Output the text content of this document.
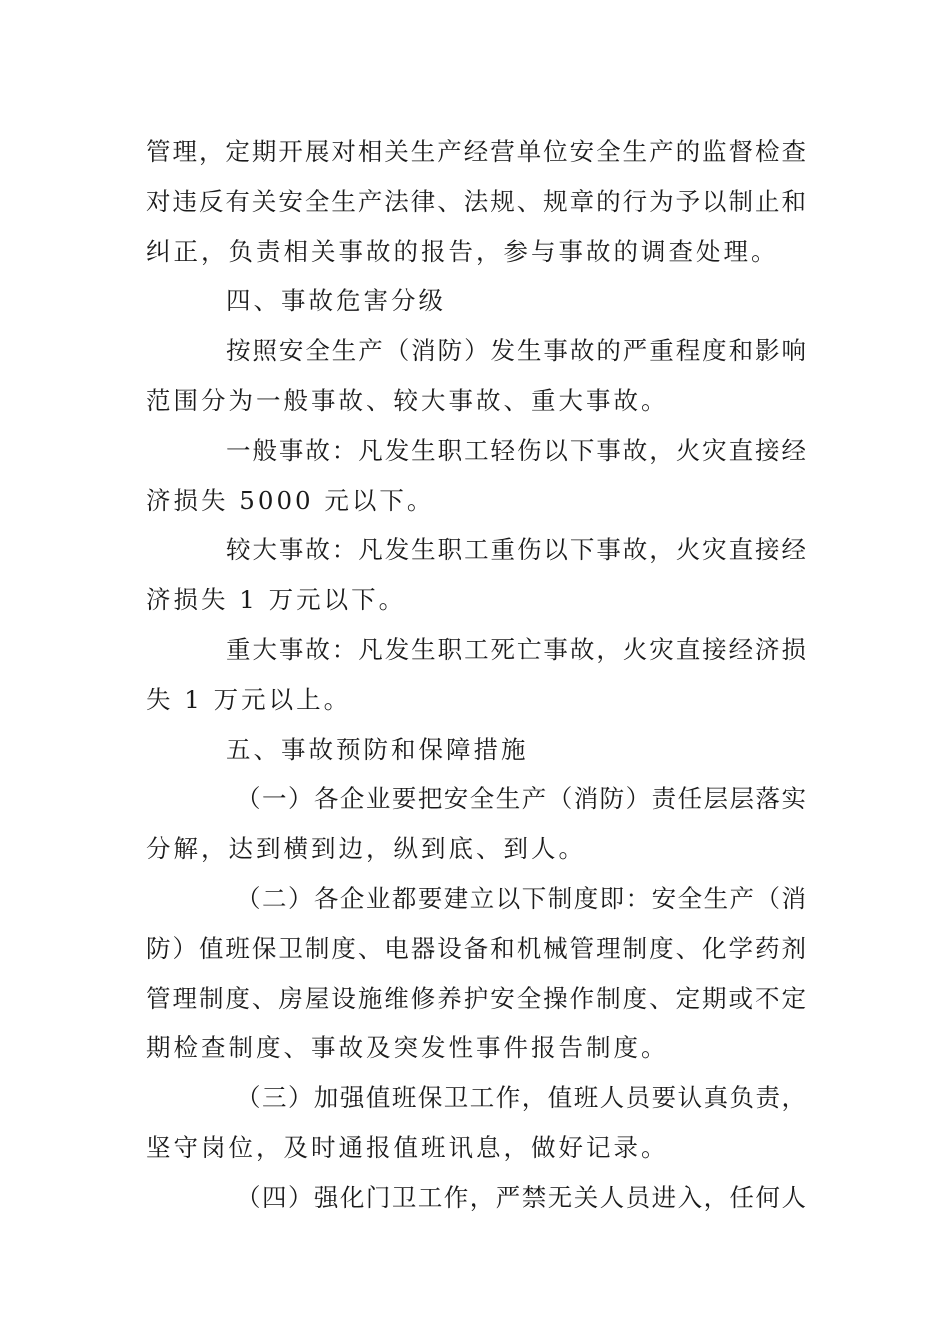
管理，定期开展对相关生产经营单位安全生产的监督检查
对违反有关安全生产法律、法规、规章的行为予以制止和
纠正，负责相关事故的报告，参与事故的调查处理。
四、事故危害分级
按照安全生产（消防）发生事故的严重程度和影响
范围分为一般事故、较大事故、重大事故。
一般事故：凡发生职工轻伤以下事故，火灾直接经
济损失 5000 元以下。
较大事故：凡发生职工重伤以下事故，火灾直接经
济损失 1 万元以下。
重大事故：凡发生职工死亡事故，火灾直接经济损
失 1 万元以上。
五、事故预防和保障措施
（一）各企业要把安全生产（消防）责任层层落实
分解，达到横到边，纵到底、到人。
（二）各企业都要建立以下制度即：安全生产（消
防）值班保卫制度、电器设备和机械管理制度、化学药剂
管理制度、房屋设施维修养护安全操作制度、定期或不定
期检查制度、事故及突发性事件报告制度。
（三）加强值班保卫工作，值班人员要认真负责，
坚守岗位，及时通报值班讯息，做好记录。
（四）强化门卫工作，严禁无关人员进入，任何人
